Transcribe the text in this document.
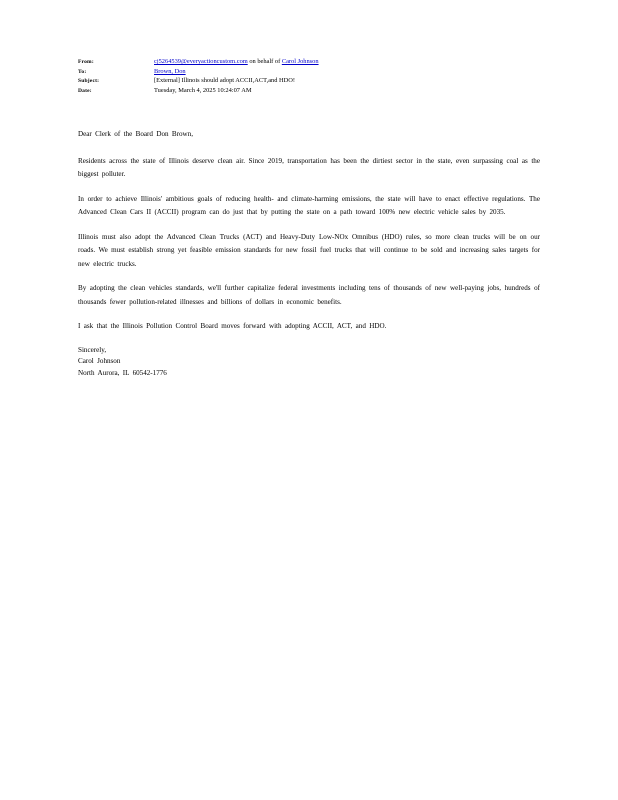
From:	cj5264539@everyactioncustom.com on behalf of Carol Johnson
To:	Brown, Don
Subject:	[External] Illinois should adopt ACCII,ACT,and HDO!
Date:	Tuesday, March 4, 2025 10:24:07 AM

Dear Clerk of the Board Don Brown,

Residents across the state of Illinois deserve clean air. Since 2019, transportation has been the dirtiest sector in the state, even surpassing coal as the biggest polluter.

In order to achieve Illinois' ambitious goals of reducing health- and climate-harming emissions, the state will have to enact effective regulations. The Advanced Clean Cars II (ACCII) program can do just that by putting the state on a path toward 100% new electric vehicle sales by 2035.

Illinois must also adopt the Advanced Clean Trucks (ACT) and Heavy-Duty Low-NOx Omnibus (HDO) rules, so more clean trucks will be on our roads. We must establish strong yet feasible emission standards for new fossil fuel trucks that will continue to be sold and increasing sales targets for new electric trucks.

By adopting the clean vehicles standards, we'll further capitalize federal investments including tens of thousands of new well-paying jobs, hundreds of thousands fewer pollution-related illnesses and billions of dollars in economic benefits.

I ask that the Illinois Pollution Control Board moves forward with adopting ACCII, ACT, and HDO.

Sincerely,

Carol Johnson

North Aurora, IL 60542-1776
